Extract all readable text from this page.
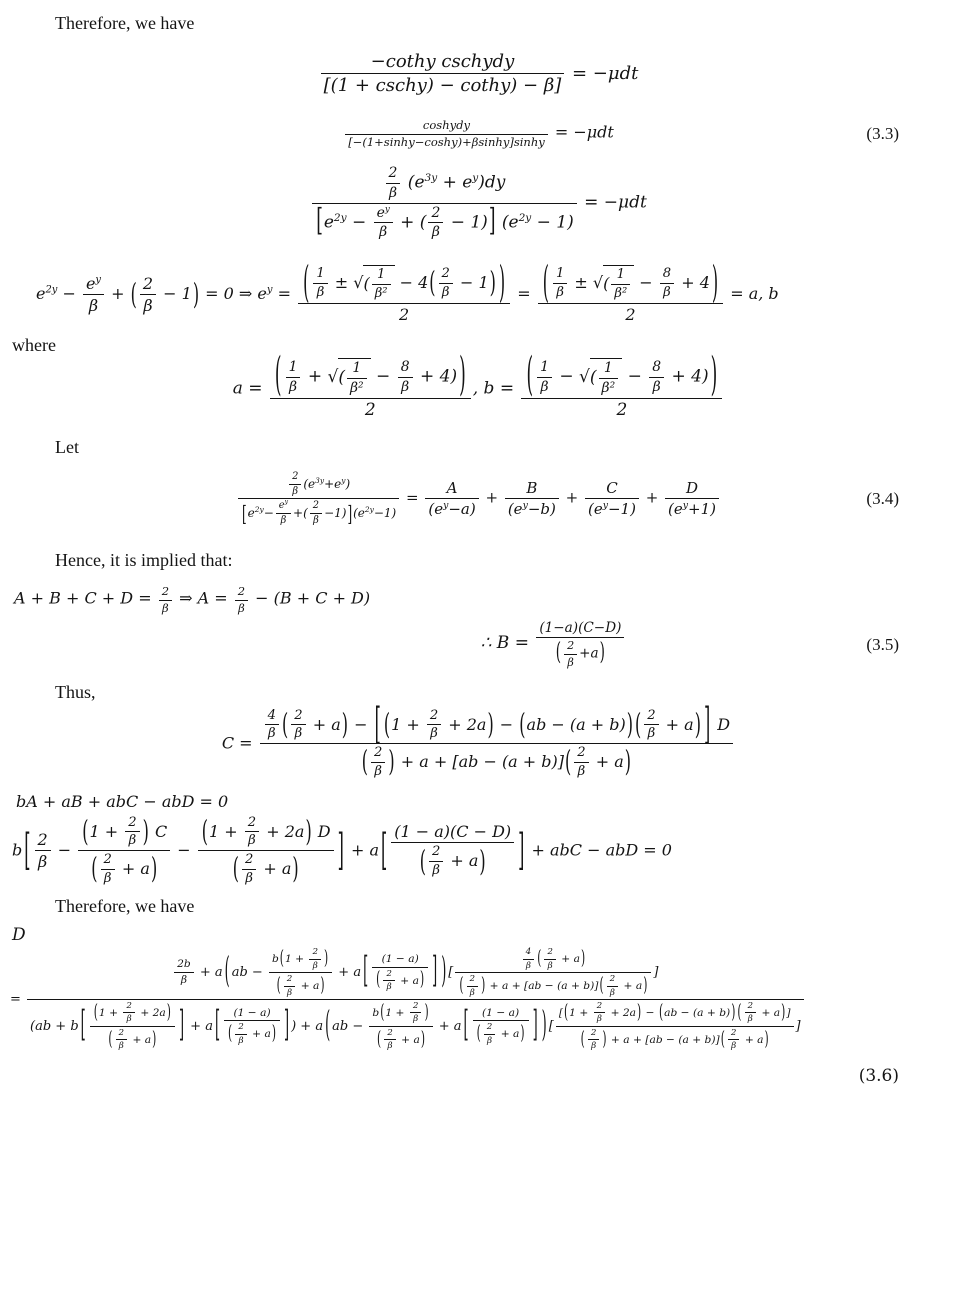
Therefore, we have

−cothy cschydy
[(1 + cschy) − cothy) − β]
= −μdt
coshydy
[−(1+sinhy−coshy)+βsinhy]sinhy
= −μdt	(3.3)
$\frac{2}{\beta} (e^{3y} + e^y)dy$
[$e^{2y} - \frac{e^y}{\beta}$ + ( $\frac{2}{\beta} - 1$)] $(e^{2y} - 1)$
= −μdt
$e^{2y} - \frac{e^y}{\beta}$ + ( $\frac{2}{\beta} - 1) = 0$ ⇒ $e^y = \frac{( \frac{1}{\beta} \pm √ ( \frac{1}{\text{β²}} - 4( \frac{2}{\beta} - 1) )}{2} = \frac{( \frac{1}{\beta} \pm √ ( \frac{1}{\text{β²}} - \frac{8}{\beta} + 4 )}{2} = a$, b

where

$a = \frac{( \frac{1}{\beta} + √ ( \frac{1}{\text{β²}} - \frac{8}{\beta} + 4) )}{2}$ , $b = \frac{( \frac{1}{\beta} - √ ( \frac{1}{\text{β²}} - \frac{8}{\beta} + 4) )}{2}$

Let

$\frac{2}{\beta} (e^{3y}+e^y)$
[$e^{2y}- \frac{e^y}{\beta}$ +( $\frac{2}{\beta} -1)](e^{2y}-1)$
= $\frac{A}{(e^y-a)} + \frac{B}{(e^y-b)} + \frac{C}{(e^y-1)} + \frac{D}{(e^y+1)}$	(3.4)

Hence, it is implied that:

$A + B + C + D = \frac{2}{\beta}$ ⇒ $A = \frac{2}{\beta} - (B + C + D)$
∴ $B = \frac{(1-a)(C-D)}{( \frac{2}{\beta} +a)}$	(3.5)

Thus,

$C = \frac{\frac{4}{\beta} ( \frac{2}{\beta} + a) - [ (1 + \frac{2}{\beta} + 2a) - (ab - (a + b)) ( \frac{2}{\beta} + a) ] D}{( \frac{2}{\beta} ) + a + [ab - (a + b)]( \frac{2}{\beta} + a)}$
bA + aB + abC − abD = 0
b [ $\frac{2}{\beta} - \frac{(1 + \frac{2}{\beta} ) C}{( \frac{2}{\beta} + a)} - \frac{(1 + \frac{2}{\beta} + 2a) D}{( \frac{2}{\beta} + a)}$ ] + a [ $\frac{(1 - a)(C - D)}{( \frac{2}{\beta} + a)}$ ] + abC − abD = 0

Therefore, we have

D
=
$\frac{2b}{\beta} + a$ ( ab − $\frac{b(1 + \frac{2}{\beta} )}{( \frac{2}{\beta} + a)} + a$ [ $\frac{(1 - a)}{( \frac{2}{\beta} + a)}$ ] ) [ $\frac{\frac{4}{\beta} ( \frac{2}{\beta} + a)}{( \frac{2}{\beta} ) + a + [ab - (a + b)]( \frac{2}{\beta} + a)}$ ]
(ab + b [ $\frac{(1 + \frac{2}{\beta} + 2a)}{( \frac{2}{\beta} + a)}$ ] + a [ $\frac{(1 - a)}{( \frac{2}{\beta} + a)}$ ] ) + a ( ab − $\frac{b(1 + \frac{2}{\beta} )}{( \frac{2}{\beta} + a)} + a$ [ $\frac{(1 - a)}{( \frac{2}{\beta} + a)}$ ] ) [ $\frac{[(1 + \frac{2}{\beta} + 2a) - (ab - (a + b)) ( \frac{2}{\beta} + a)]}{( \frac{2}{\beta} ) + a + [ab - (a + b)]( \frac{2}{\beta} + a)}$ ]
(3.6)
